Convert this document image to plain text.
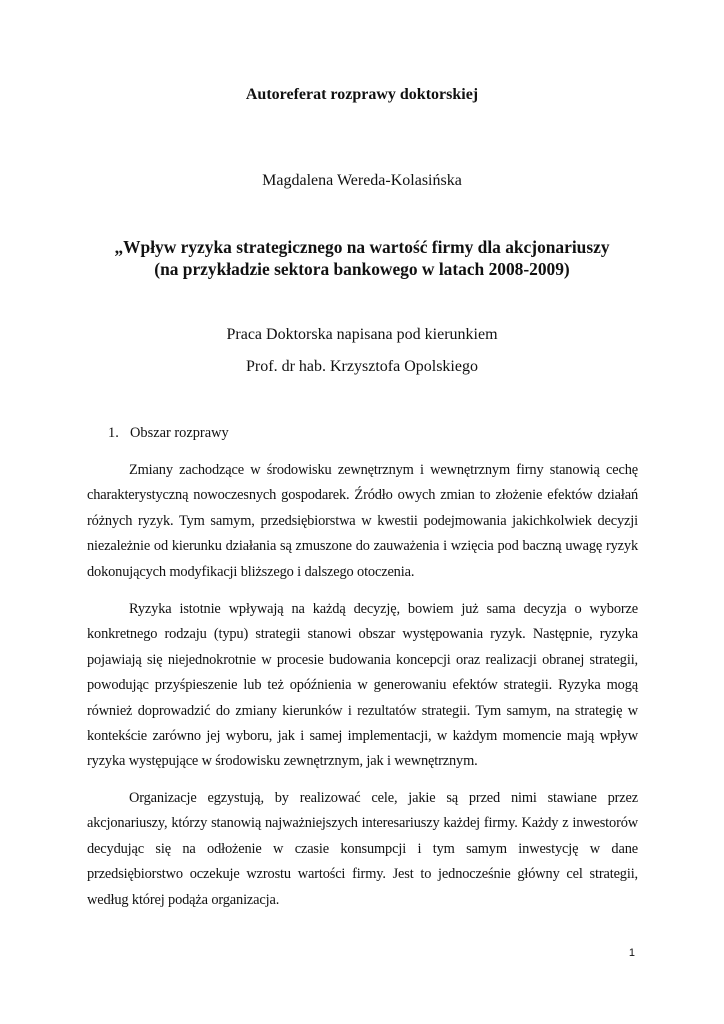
Autoreferat rozprawy doktorskiej
Magdalena Wereda-Kolasińska
„Wpływ ryzyka strategicznego na wartość firmy dla akcjonariuszy
(na przykładzie sektora bankowego w latach 2008-2009)
Praca Doktorska napisana pod kierunkiem
Prof. dr hab. Krzysztofa Opolskiego
1. Obszar rozprawy

Zmiany zachodzące w środowisku zewnętrznym i wewnętrznym firny stanowią cechę charakterystyczną nowoczesnych gospodarek. Źródło owych zmian to złożenie efektów działań różnych ryzyk. Tym samym, przedsiębiorstwa w kwestii podejmowania jakichkolwiek decyzji niezależnie od kierunku działania są zmuszone do zauważenia i wzięcia pod baczną uwagę ryzyk dokonujących modyfikacji bliższego i dalszego otoczenia.

Ryzyka istotnie wpływają na każdą decyzję, bowiem już sama decyzja o wyborze konkretnego rodzaju (typu) strategii stanowi obszar występowania ryzyk. Następnie, ryzyka pojawiają się niejednokrotnie w procesie budowania koncepcji oraz realizacji obranej strategii, powodując przyśpieszenie lub też opóźnienia w generowaniu efektów strategii. Ryzyka mogą również doprowadzić do zmiany kierunków i rezultatów strategii. Tym samym, na strategię w kontekście zarówno jej wyboru, jak i samej implementacji, w każdym momencie mają wpływ ryzyka występujące w środowisku zewnętrznym, jak i wewnętrznym.

Organizacje egzystują, by realizować cele, jakie są przed nimi stawiane przez akcjonariuszy, którzy stanowią najważniejszych interesariuszy każdej firmy. Każdy z inwestorów decydując się na odłożenie w czasie konsumpcji i tym samym inwestycję w dane przedsiębiorstwo oczekuje wzrostu wartości firmy. Jest to jednocześnie główny cel strategii, według której podąża organizacja.

1
